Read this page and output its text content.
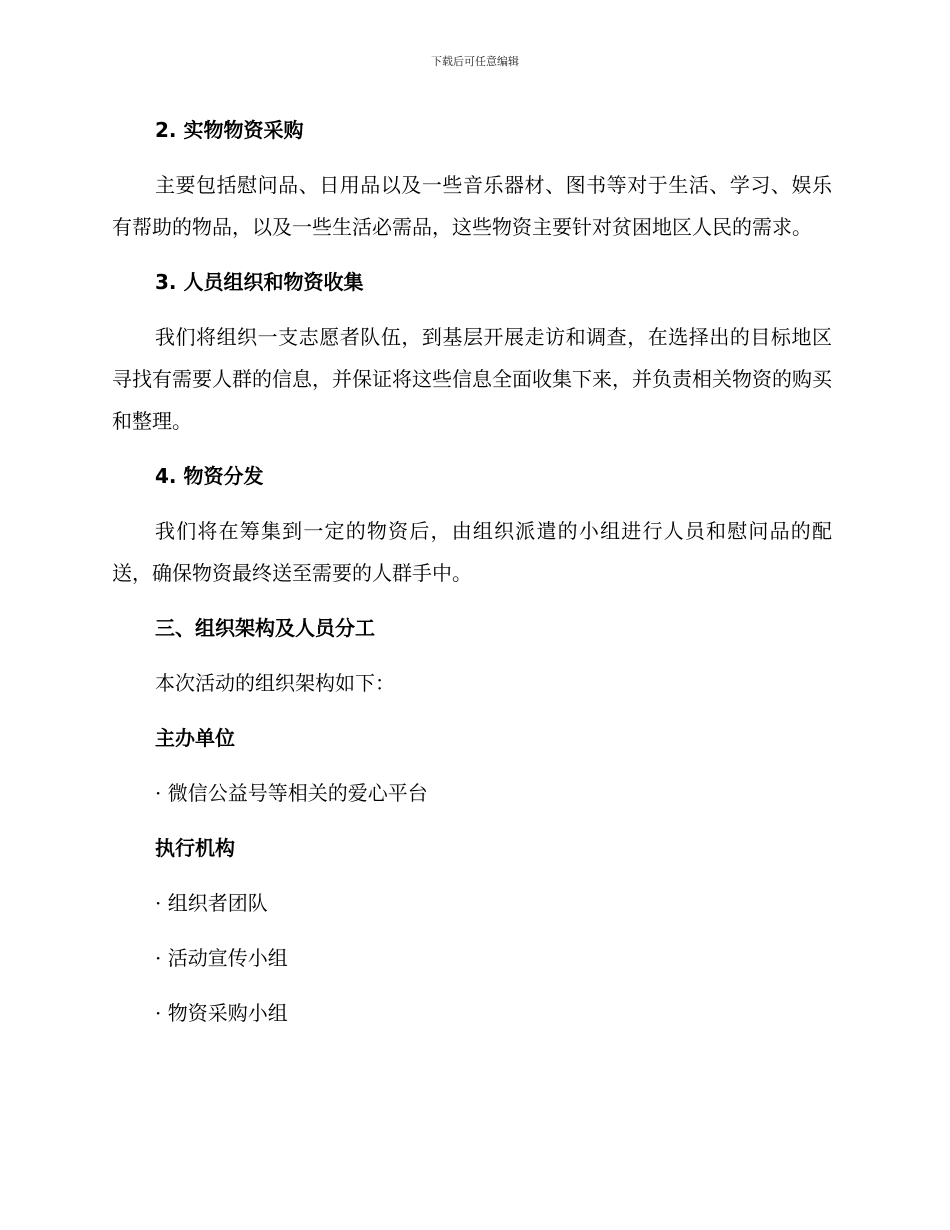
下载后可任意编辑
2. 实物物资采购

主要包括慰问品、日用品以及一些音乐器材、图书等对于生活、学习、娱乐有帮助的物品，以及一些生活必需品，这些物资主要针对贫困地区人民的需求。

3. 人员组织和物资收集

我们将组织一支志愿者队伍，到基层开展走访和调查，在选择出的目标地区寻找有需要人群的信息，并保证将这些信息全面收集下来，并负责相关物资的购买和整理。

4. 物资分发

我们将在筹集到一定的物资后，由组织派遣的小组进行人员和慰问品的配送，确保物资最终送至需要的人群手中。

三、组织架构及人员分工

本次活动的组织架构如下：

主办单位

· 微信公益号等相关的爱心平台

执行机构

· 组织者团队

· 活动宣传小组

· 物资采购小组
